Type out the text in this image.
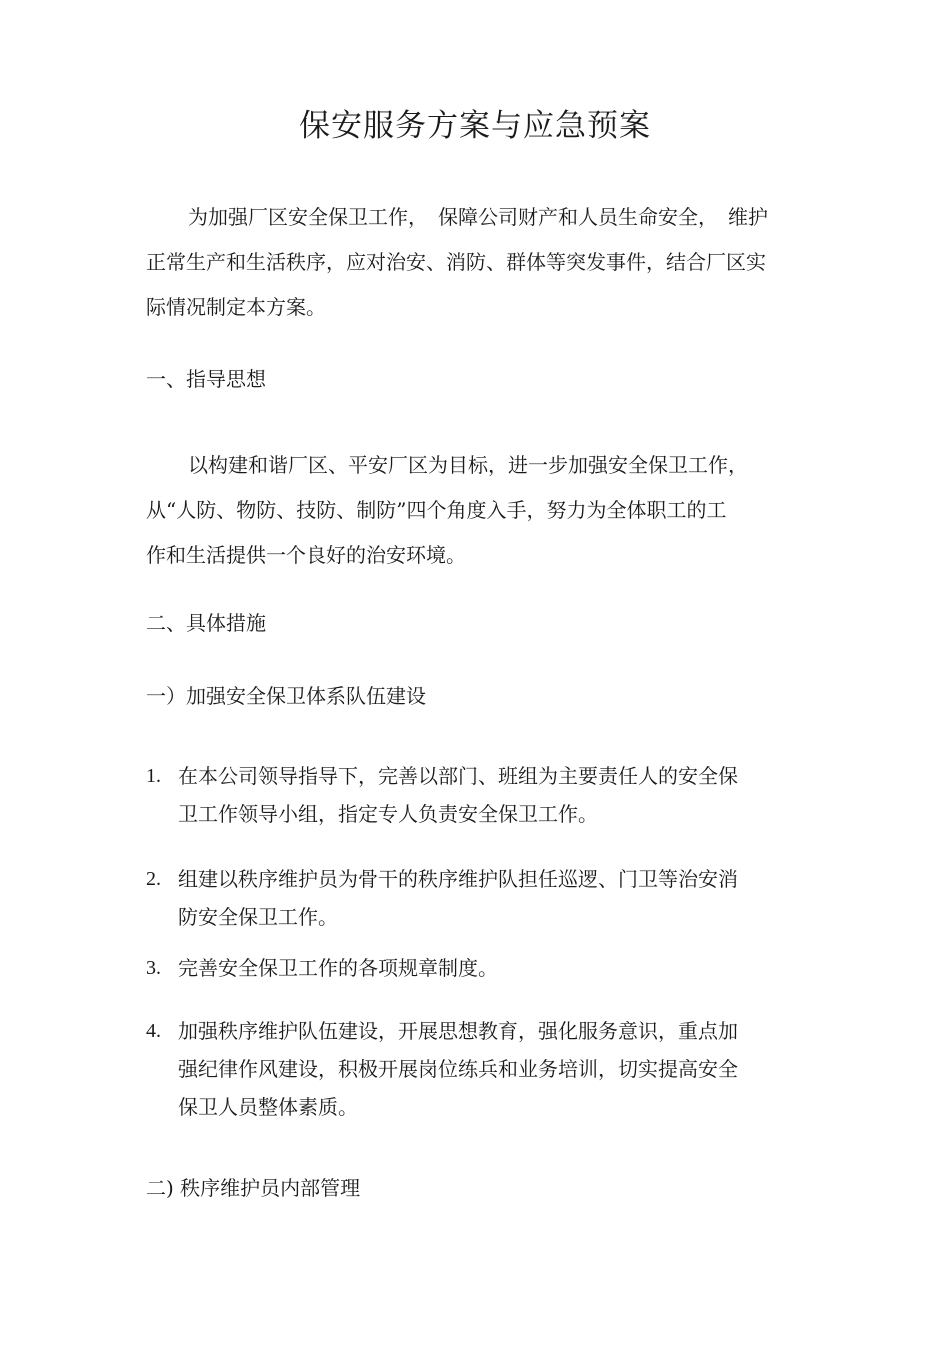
保安服务方案与应急预案
为加强厂区安全保卫工作，　保障公司财产和人员生命安全，　维护
正常生产和生活秩序，应对治安、消防、群体等突发事件，结合厂区实
际情况制定本方案。
一、指导思想
以构建和谐厂区、平安厂区为目标，进一步加强安全保卫工作，
从“人防、物防、技防、制防”四个角度入手，努力为全体职工的工
作和生活提供一个良好的治安环境。
二、具体措施
一）加强安全保卫体系队伍建设
1. 在本公司领导指导下，完善以部门、班组为主要责任人的安全保
卫工作领导小组，指定专人负责安全保卫工作。
2. 组建以秩序维护员为骨干的秩序维护队担任巡逻、门卫等治安消
防安全保卫工作。
3. 完善安全保卫工作的各项规章制度。
4. 加强秩序维护队伍建设，开展思想教育，强化服务意识，重点加
强纪律作风建设，积极开展岗位练兵和业务培训，切实提高安全
保卫人员整体素质。
二) 秩序维护员内部管理
